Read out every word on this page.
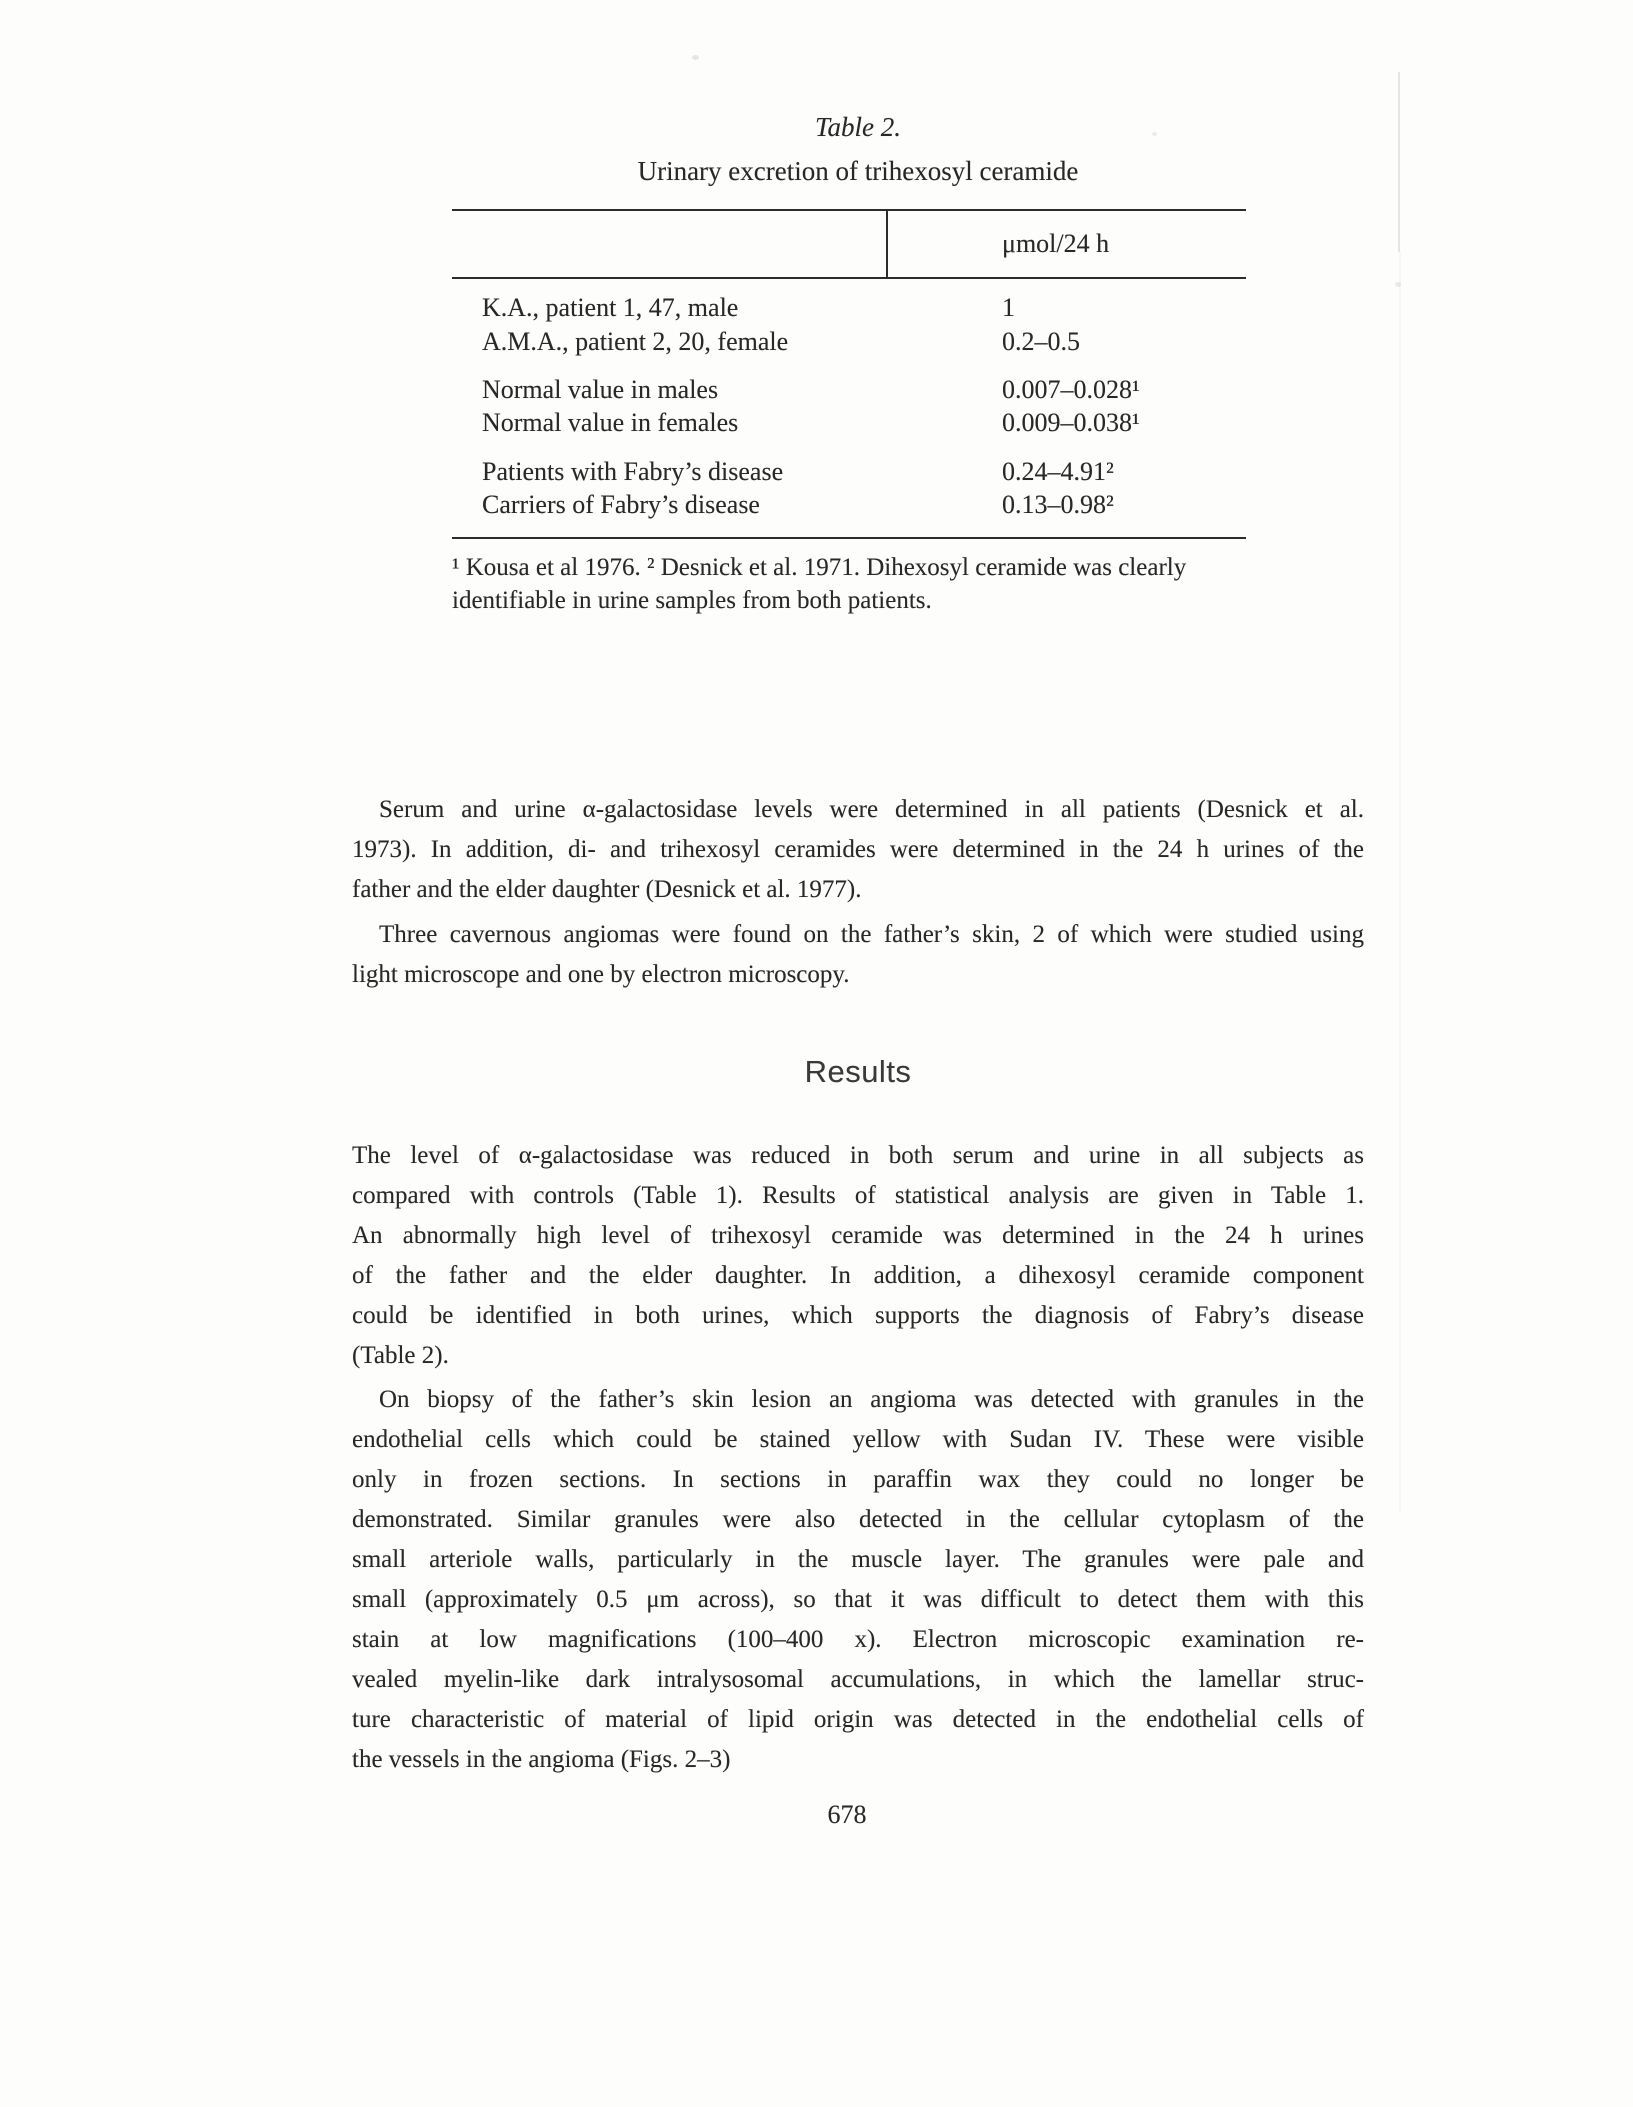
Table 2.
Urinary excretion of trihexosyl ceramide
μmol/24 h
K.A., patient 1, 47, male	1
A.M.A., patient 2, 20, female	0.2–0.5
Normal value in males	0.007–0.028¹
Normal value in females	0.009–0.038¹
Patients with Fabry’s disease	0.24–4.91²
Carriers of Fabry’s disease	0.13–0.98²
¹ Kousa et al 1976. ² Desnick et al. 1971. Dihexosyl ceramide was clearly
identifiable in urine samples from both patients.
Serum and urine α-galactosidase levels were determined in all patients (Desnick et al.
1973). In addition, di- and trihexosyl ceramides were determined in the 24 h urines of the
father and the elder daughter (Desnick et al. 1977).
Three cavernous angiomas were found on the father’s skin, 2 of which were studied using
light microscope and one by electron microscopy.
Results
The level of α-galactosidase was reduced in both serum and urine in all subjects as
compared with controls (Table 1). Results of statistical analysis are given in Table 1.
An abnormally high level of trihexosyl ceramide was determined in the 24 h urines
of the father and the elder daughter. In addition, a dihexosyl ceramide component
could be identified in both urines, which supports the diagnosis of Fabry’s disease
(Table 2).
On biopsy of the father’s skin lesion an angioma was detected with granules in the
endothelial cells which could be stained yellow with Sudan IV. These were visible
only in frozen sections. In sections in paraffin wax they could no longer be
demonstrated. Similar granules were also detected in the cellular cytoplasm of the
small arteriole walls, particularly in the muscle layer. The granules were pale and
small (approximately 0.5 μm across), so that it was difficult to detect them with this
stain at low magnifications (100–400 x). Electron microscopic examination re-
vealed myelin-like dark intralysosomal accumulations, in which the lamellar struc-
ture characteristic of material of lipid origin was detected in the endothelial cells of
the vessels in the angioma (Figs. 2–3)
678
